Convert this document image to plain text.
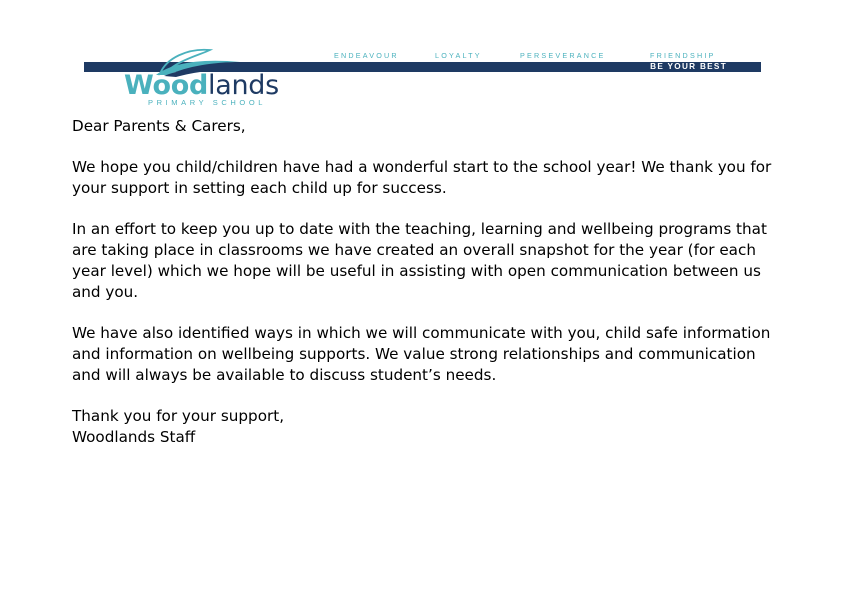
ENDEAVOUR	LOYALTY	PERSEVERANCE	FRIENDSHIP
BE YOUR BEST
Woodlands
PRIMARY SCHOOL

Dear Parents & Carers,

We hope you child/children have had a wonderful start to the school year! We thank you for your support in setting each child up for success.

In an effort to keep you up to date with the teaching, learning and wellbeing programs that are taking place in classrooms we have created an overall snapshot for the year (for each year level) which we hope will be useful in assisting with open communication between us and you.

We have also identified ways in which we will communicate with you, child safe information and information on wellbeing supports. We value strong relationships and communication and will always be available to discuss student’s needs.

Thank you for your support,

Woodlands Staff
